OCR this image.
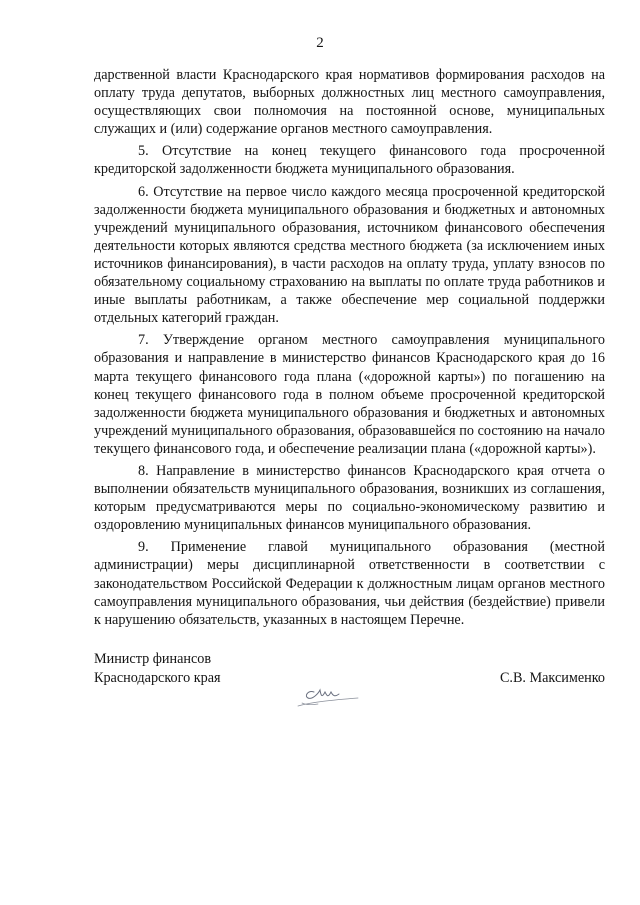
2

дарственной власти Краснодарского края нормативов формирования расходов на оплату труда депутатов, выборных должностных лиц местного самоуправления, осуществляющих свои полномочия на постоянной основе, муниципальных служащих и (или) содержание органов местного самоуправления.

5. Отсутствие на конец текущего финансового года просроченной кредиторской задолженности бюджета муниципального образования.

6. Отсутствие на первое число каждого месяца просроченной кредиторской задолженности бюджета муниципального образования и бюджетных и автономных учреждений муниципального образования, источником финансового обеспечения деятельности которых являются средства местного бюджета (за исключением иных источников финансирования), в части расходов на оплату труда, уплату взносов по обязательному социальному страхованию на выплаты по оплате труда работников и иные выплаты работникам, а также обеспечение мер социальной поддержки отдельных категорий граждан.

7. Утверждение органом местного самоуправления муниципального образования и направление в министерство финансов Краснодарского края до 16 марта текущего финансового года плана («дорожной карты») по погашению на конец текущего финансового года в полном объеме просроченной кредиторской задолженности бюджета муниципального образования и бюджетных и автономных учреждений муниципального образования, образовавшейся по состоянию на начало текущего финансового года, и обеспечение реализации плана («дорожной карты»).

8. Направление в министерство финансов Краснодарского края отчета о выполнении обязательств муниципального образования, возникших из соглашения, которым предусматриваются меры по социально-экономическому развитию и оздоровлению муниципальных финансов муниципального образования.

9. Применение главой муниципального образования (местной администрации) меры дисциплинарной ответственности в соответствии с законодательством Российской Федерации к должностным лицам органов местного самоуправления муниципального образования, чьи действия (бездействие) привели к нарушению обязательств, указанных в настоящем Перечне.

Министр финансов
Краснодарского края	С.В. Максименко
